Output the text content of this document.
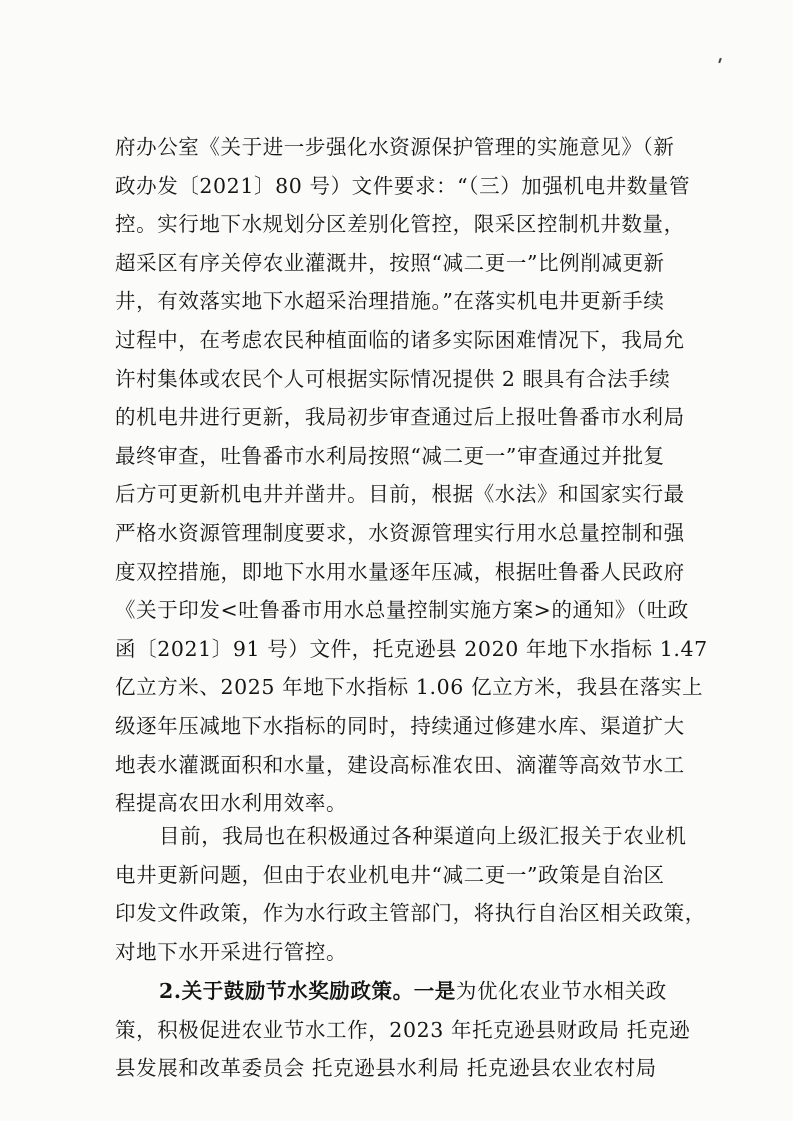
府办公室《关于进一步强化水资源保护管理的实施意见》（新
政办发〔2021〕80 号）文件要求：“（三）加强机电井数量管
控。实行地下水规划分区差别化管控，限采区控制机井数量，
超采区有序关停农业灌溉井，按照“减二更一”比例削减更新
井，有效落实地下水超采治理措施。”在落实机电井更新手续
过程中，在考虑农民种植面临的诸多实际困难情况下，我局允
许村集体或农民个人可根据实际情况提供 2 眼具有合法手续
的机电井进行更新，我局初步审查通过后上报吐鲁番市水利局
最终审查，吐鲁番市水利局按照“减二更一”审查通过并批复
后方可更新机电井并凿井。目前，根据《水法》和国家实行最
严格水资源管理制度要求，水资源管理实行用水总量控制和强
度双控措施，即地下水用水量逐年压减，根据吐鲁番人民政府
《关于印发<吐鲁番市用水总量控制实施方案>的通知》（吐政
函〔2021〕91 号）文件，托克逊县 2020 年地下水指标 1.47
亿立方米、2025 年地下水指标 1.06 亿立方米，我县在落实上
级逐年压减地下水指标的同时，持续通过修建水库、渠道扩大
地表水灌溉面积和水量，建设高标准农田、滴灌等高效节水工
程提高农田水利用效率。
目前，我局也在积极通过各种渠道向上级汇报关于农业机
电井更新问题，但由于农业机电井“减二更一”政策是自治区
印发文件政策，作为水行政主管部门，将执行自治区相关政策，
对地下水开采进行管控。
2.关于鼓励节水奖励政策。一是为优化农业节水相关政
策，积极促进农业节水工作，2023 年托克逊县财政局 托克逊
县发展和改革委员会 托克逊县水利局 托克逊县农业农村局
